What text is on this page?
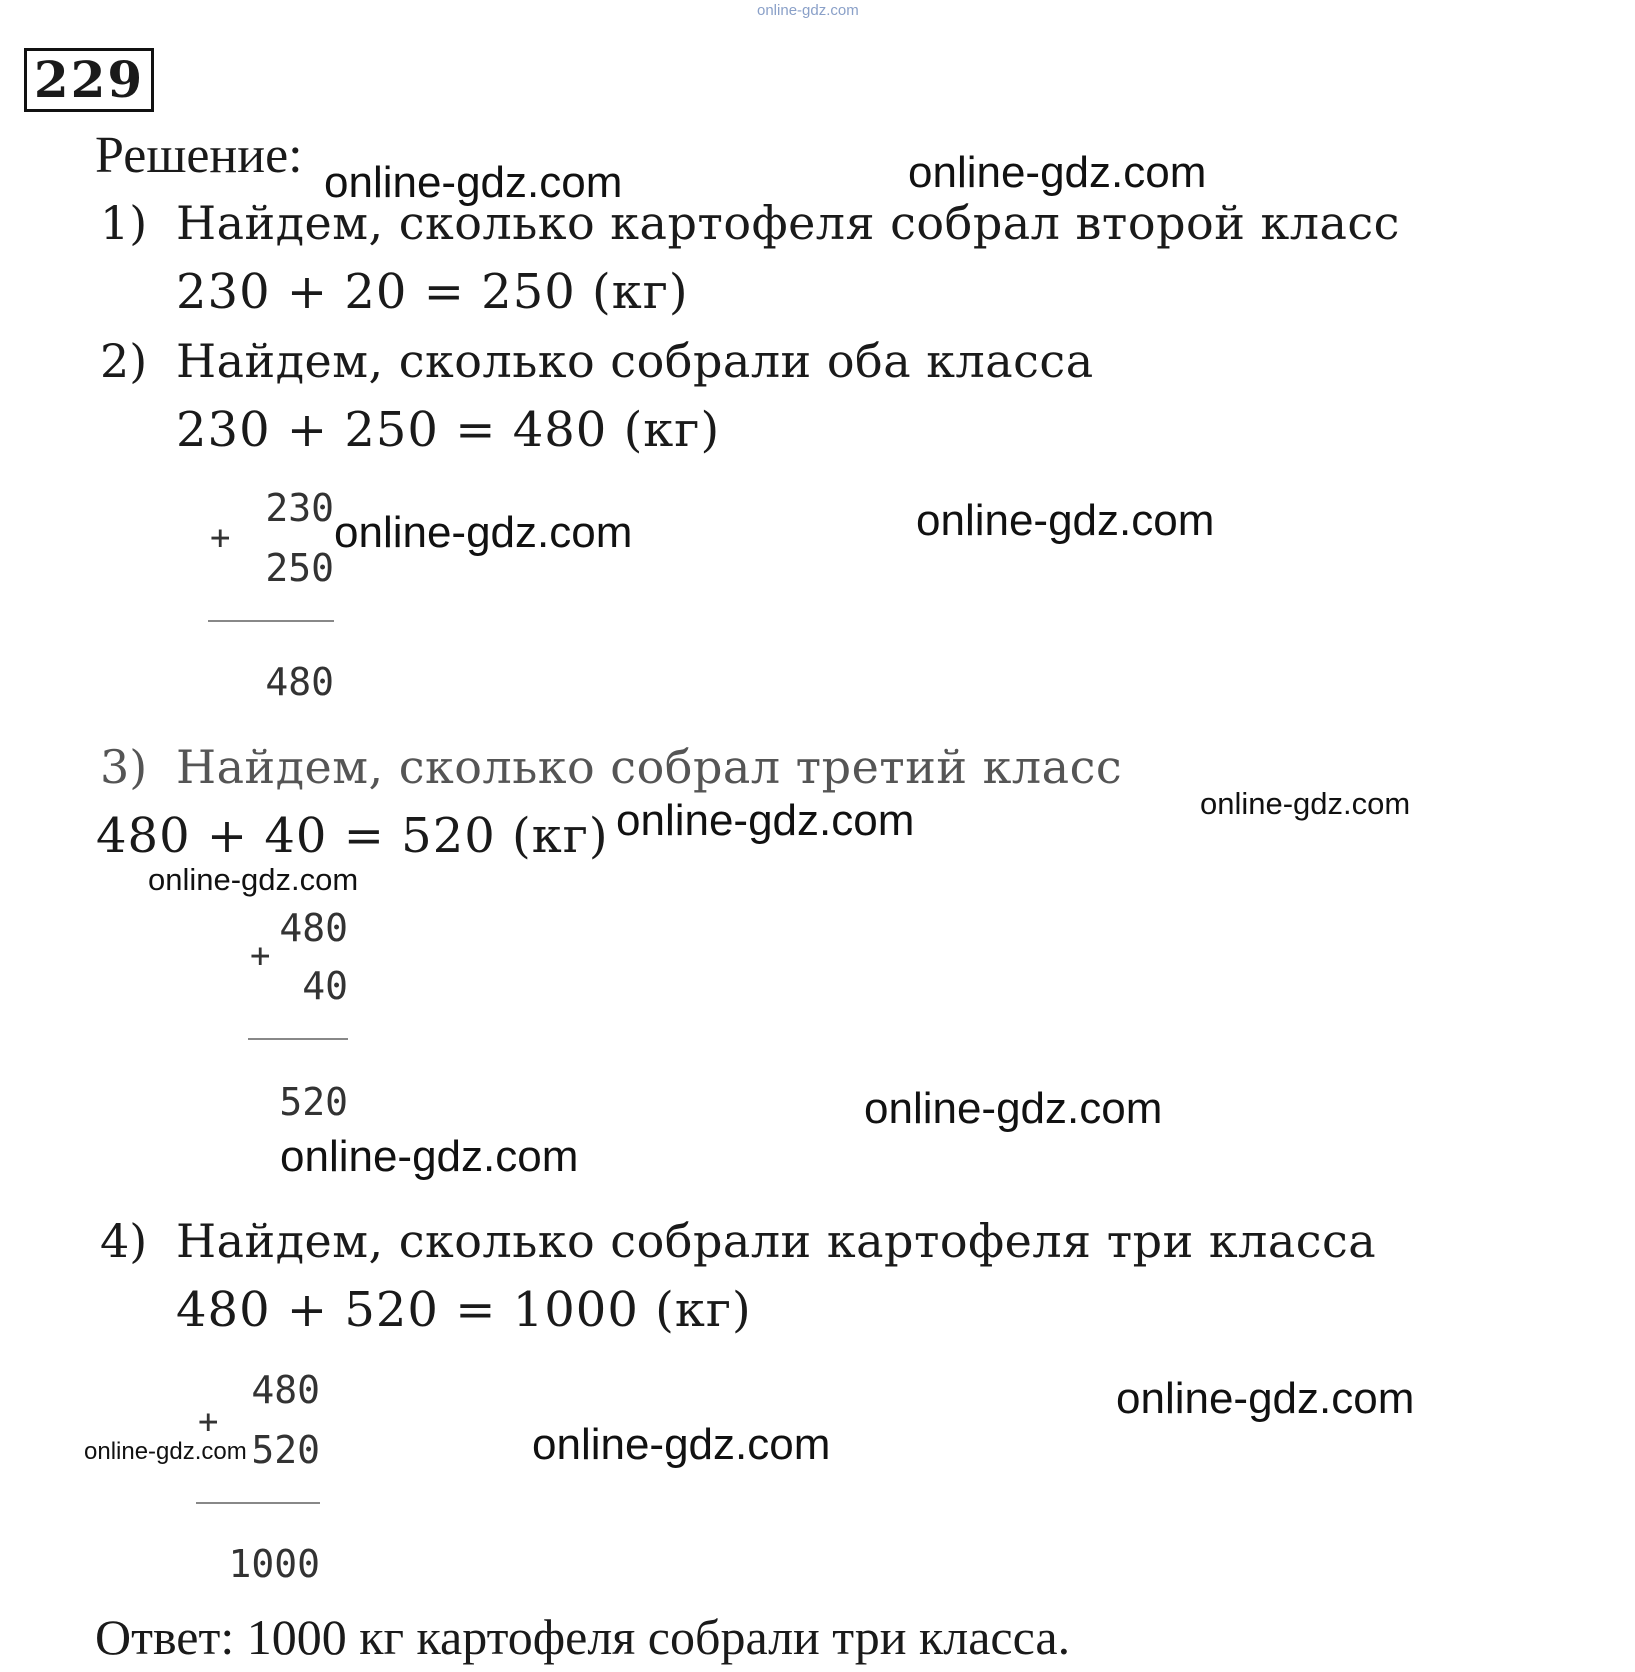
online-gdz.com
229
Решение:
1) Найдем, сколько картофеля собрал второй класс
230 + 20 = 250 (кг)
2) Найдем, сколько собрали оба класса
230 + 250 = 480 (кг)
230
+
250
480
3) Найдем, сколько собрал третий класс
480 + 40 = 520 (кг)
480
+
40
520
4) Найдем, сколько собрали картофеля три класса
480 + 520 = 1000 (кг)
480
+
520
1000
Ответ: 1000 кг картофеля собрали три класса.
online-gdz.com	online-gdz.com
online-gdz.com	online-gdz.com
online-gdz.com
online-gdz.com
online-gdz.com
online-gdz.com
online-gdz.com
online-gdz.com
online-gdz.com
online-gdz.com
